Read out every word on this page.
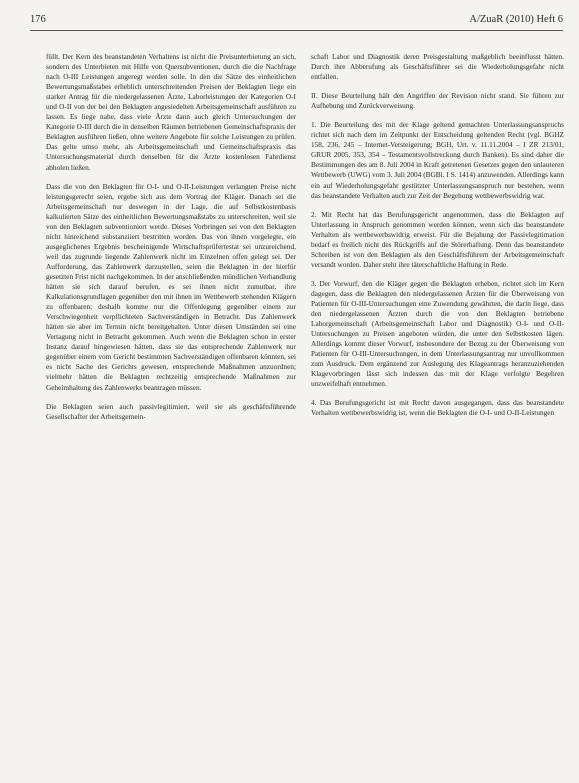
176	A/ZuaR (2010) Heft 6

füllt. Der Kern des beanstandeten Verhaltens ist nicht die Preisunterbietung an sich, sondern des Unterbieten mit Hilfe von Quersubventionen, durch die die Nachfrage nach O-III Leistungen angeregt werden solle. In den die Sätze des einheitlichen Bewertungsmaßstabes erheblich unterschreitenden Preisen der Beklagten liege ein starker Antrag für die niedergelassenen Ärzte, Laborleistungen der Kategorien O-I und O-II von der bei den Beklagten angesiedelten Arbeitsgemeinschaft ausführen zu lassen. Es liege nahe, dass viele Ärzte dann auch gleich Untersuchungen der Kategorie O-III durch die in denselben Räumen betriebenen Gemeinschaftspraxis der Beklagten ausführen ließen, ohne weitere Angebote für solche Leistungen zu prüfen. Das gelte umso mehr, als Arbeitsgemeinschaft und Gemeinschaftspraxis das Untersuchungsmaterial durch denselben für die Ärzte kostenlosen Fahrdienst abholen ließen.

Dass die von den Beklagten für O-I- und O-II-Leistungen verlangten Preise nicht leistungsgerecht seien, ergebe sich aus dem Vortrag der Kläger. Danach sei die Arbeitsgemeinschaft nur deswegen in der Lage, die auf Selbstkostenbasis kalkulierten Sätze des einheitlichen Bewertungsmaßstabs zu unterschreiten, weil sie von den Beklagten subventioniert werde. Dieses Vorbringen sei von den Beklagten nicht hinreichend substanziiert bestritten worden. Das von ihnen vorgelegte, ein ausgeglichenes Ergebnis bescheinigende Wirtschaftsprüfertestat sei unzureichend, weil das zugrunde liegende Zahlenwerk nicht im Einzelnen offen gelegt sei. Der Aufforderung, das Zahlenwerk darzustellen, seien die Beklagten in der hierfür gesetzten Frist nicht nachgekommen. In der anschließenden mündlichen Verhandlung hätten sie sich darauf berufen, es sei ihnen nicht zumutbar, ihre Kalkulationsgrundlagen gegenüber den mit ihnen im Wettbewerb stehenden Klägern zu offenbaren; deshalb komme nur die Offenlegung gegenüber einem zur Verschwiegenheit verpflichteten Sachverständigen in Betracht. Das Zahlenwerk hätten sie aber im Termin nicht bereitgehalten. Unter diesen Umständen sei eine Vertagung nicht in Betracht gekommen. Auch wenn die Beklagten schon in erster Instanz darauf hingewiesen hätten, dass sie das entsprechende Zahlenwerk nur gegenüber einem vom Gericht bestimmten Sachverständigen offenbaren könnten, sei es nicht Sache des Gerichts gewesen, entsprechende Maßnahmen anzuordnen; vielmehr hätten die Beklagten rechtzeitig entsprechende Maßnahmen zur Geheimhaltung des Zahlenwerks beantragen müssen.

Die Beklagten seien auch passivlegitimiert, weil sie als geschäftsführende Gesellschafter der Arbeitsgemein-

schaft Labor und Diagnostik deren Preisgestaltung maßgeblich beeinflusst hätten. Durch ihre Abberufung als Geschäftsführer sei die Wiederholungsgefahr nicht entfallen.

II. Diese Beurteilung hält den Angriffen der Revision nicht stand. Sie führen zur Aufhebung und Zurückverweisung.

1. Die Beurteilung des mit der Klage geltend gemachten Unterlassungsanspruchs richtet sich nach dem im Zeitpunkt der Entscheidung geltenden Recht (vgl. BGHZ 158, 236, 245 – Internet-Versteigerung; BGH, Urt. v. 11.11.2004 – I ZR 213/01, GRUR 2005, 353, 354 – Testamentsvollstreckung durch Banken). Es sind daher die Bestimmungen des am 8. Juli 2004 in Kraft getretenen Gesetzes gegen den unlauteren Wettbewerb (UWG) vom 3. Juli 2004 (BGBl. I S. 1414) anzuwenden. Allerdings kann ein auf Wiederholungsgefahr gestützter Unterlassungsanspruch nur bestehen, wenn das beanstandete Verhalten auch zur Zeit der Begehung wettbewerbswidrig war.

2. Mit Recht hat das Berufungsgericht angenommen, dass die Beklagten auf Unterlassung in Anspruch genommen werden können, wenn sich das beanstandete Verhalten als wettbewerbswidrig erweist. Für die Bejahung der Passivlegitimation bedarf es freilich nicht des Rückgriffs auf die Störerhaftung. Denn das beanstandete Schreiben ist von den Beklagten als den Geschäftsführern der Arbeitsgemeinschaft versandt worden. Daher steht ihre täterschaftliche Haftung in Rede.

3. Der Vorwurf, den die Kläger gegen die Beklagten erheben, richtet sich im Kern dagegen, dass die Beklagten den niedergelassenen Ärzten für die Überweisung von Patienten für O-III-Untersuchungen eine Zuwendung gewährten, die darin liege, dass den niedergelassenen Ärzten durch die von den Beklagten betriebene Laborgemeinschaft (Arbeitsgemeinschaft Labor und Diagnostik) O-I- und O-II-Untersuchungen zu Preisen angeboten würden, die unter den Selbstkosten lägen. Allerdings kommt dieser Vorwurf, insbesondere der Bezug zu der Überweisung von Patienten für O-III-Untersuchungen, in dem Unterlassungsantrag nur unvollkommen zum Ausdruck. Dem ergänzend zur Auslegung des Klageantrags heranzuziehenden Klagevorbringen lässt sich indessen das mit der Klage verfolgte Begehren unzweifelhaft entnehmen.

4. Das Berufungsgericht ist mit Recht davon ausgegangen, dass das beanstandete Verhalten wettbewerbswidrig ist, wenn die Beklagten die O-I- und O-II-Leistungen
